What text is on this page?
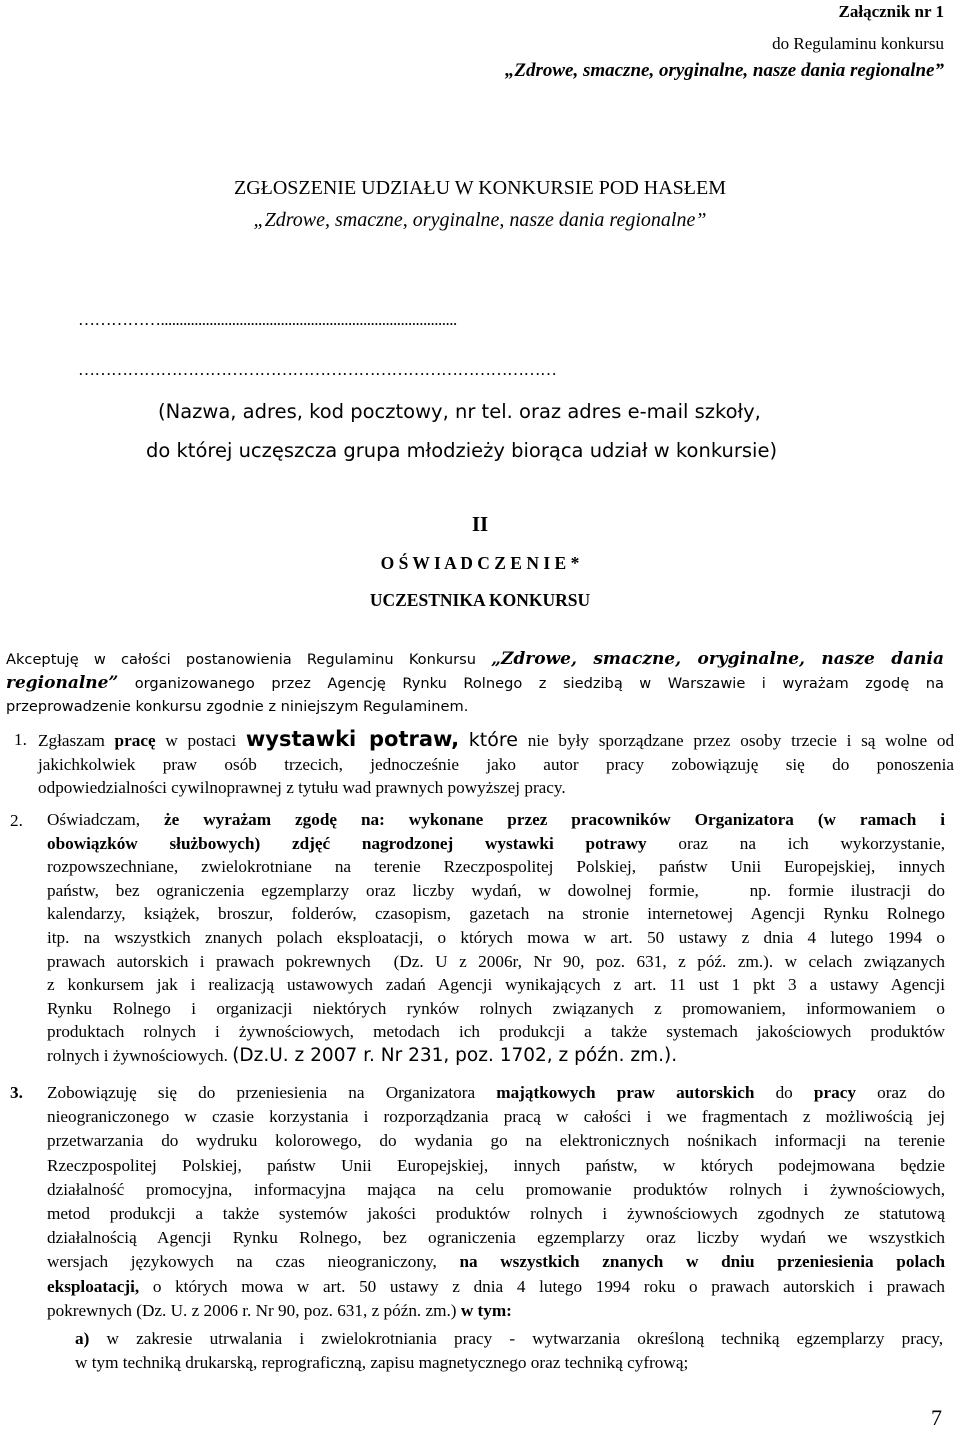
Załącznik nr 1
do Regulaminu konkursu
„Zdrowe, smaczne, oryginalne, nasze dania regionalne”
ZGŁOSZENIE UDZIAŁU W KONKURSIE POD HASŁEM
„Zdrowe, smaczne, oryginalne, nasze dania regionalne”
……………...............................................................................
……………………………………………………………………………
(Nazwa, adres, kod pocztowy, nr tel. oraz adres e-mail szkoły,
do której uczęszcza grupa młodzieży biorąca udział w konkursie)
II
O Ś W I A D C Z E N I E *
UCZESTNIKA KONKURSU
Akceptuję w całości postanowienia Regulaminu Konkursu „Zdrowe, smaczne, oryginalne, nasze dania
regionalne” organizowanego przez Agencję Rynku Rolnego z siedzibą w Warszawie i wyrażam zgodę na
przeprowadzenie konkursu zgodnie z niniejszym Regulaminem.
1. Zgłaszam pracę w postaci wystawki potraw, które nie były sporządzane przez osoby trzecie i są wolne od
jakichkolwiek praw osób trzecich, jednocześnie jako autor pracy zobowiązuję się do ponoszenia
odpowiedzialności cywilnoprawnej z tytułu wad prawnych powyższej pracy.
2. Oświadczam, że wyrażam zgodę na: wykonane przez pracowników Organizatora (w ramach i
obowiązków służbowych) zdjęć nagrodzonej wystawki potrawy oraz na ich wykorzystanie,
rozpowszechniane, zwielokrotniane na terenie Rzeczpospolitej Polskiej, państw Unii Europejskiej, innych
państw, bez ograniczenia egzemplarzy oraz liczby wydań, w dowolnej formie,   np. formie ilustracji do
kalendarzy, książek, broszur, folderów, czasopism, gazetach na stronie internetowej Agencji Rynku Rolnego
itp. na wszystkich znanych polach eksploatacji, o których mowa w art. 50 ustawy z dnia 4 lutego 1994 o
prawach autorskich i prawach pokrewnych  (Dz. U z 2006r, Nr 90, poz. 631, z póź. zm.). w celach związanych
z konkursem jak i realizacją ustawowych zadań Agencji wynikających z art. 11 ust 1 pkt 3 a ustawy Agencji
Rynku Rolnego i organizacji niektórych rynków rolnych związanych z promowaniem, informowaniem o
produktach rolnych i żywnościowych, metodach ich produkcji a także systemach jakościowych produktów
rolnych i żywnościowych. (Dz.U. z 2007 r. Nr 231, poz. 1702, z późn. zm.).
3. Zobowiązuję się do przeniesienia na Organizatora majątkowych praw autorskich do pracy oraz do
nieograniczonego w czasie korzystania i rozporządzania pracą w całości i we fragmentach z możliwością jej
przetwarzania do wydruku kolorowego, do wydania go na elektronicznych nośnikach informacji na terenie
Rzeczpospolitej Polskiej, państw Unii Europejskiej, innych państw, w których podejmowana będzie
działalność promocyjna, informacyjna mająca na celu promowanie produktów rolnych i żywnościowych,
metod produkcji a także systemów jakości produktów rolnych i żywnościowych zgodnych ze statutową
działalnością Agencji Rynku Rolnego, bez ograniczenia egzemplarzy oraz liczby wydań we wszystkich
wersjach językowych na czas nieograniczony, na wszystkich znanych w dniu przeniesienia polach
eksploatacji, o których mowa w art. 50 ustawy z dnia 4 lutego 1994 roku o prawach autorskich i prawach
pokrewnych (Dz. U. z 2006 r. Nr 90, poz. 631, z późn. zm.) w tym:
a) w zakresie utrwalania i zwielokrotniania pracy - wytwarzania określoną techniką egzemplarzy pracy,
w tym techniką drukarską, reprograficzną, zapisu magnetycznego oraz techniką cyfrową;
7
